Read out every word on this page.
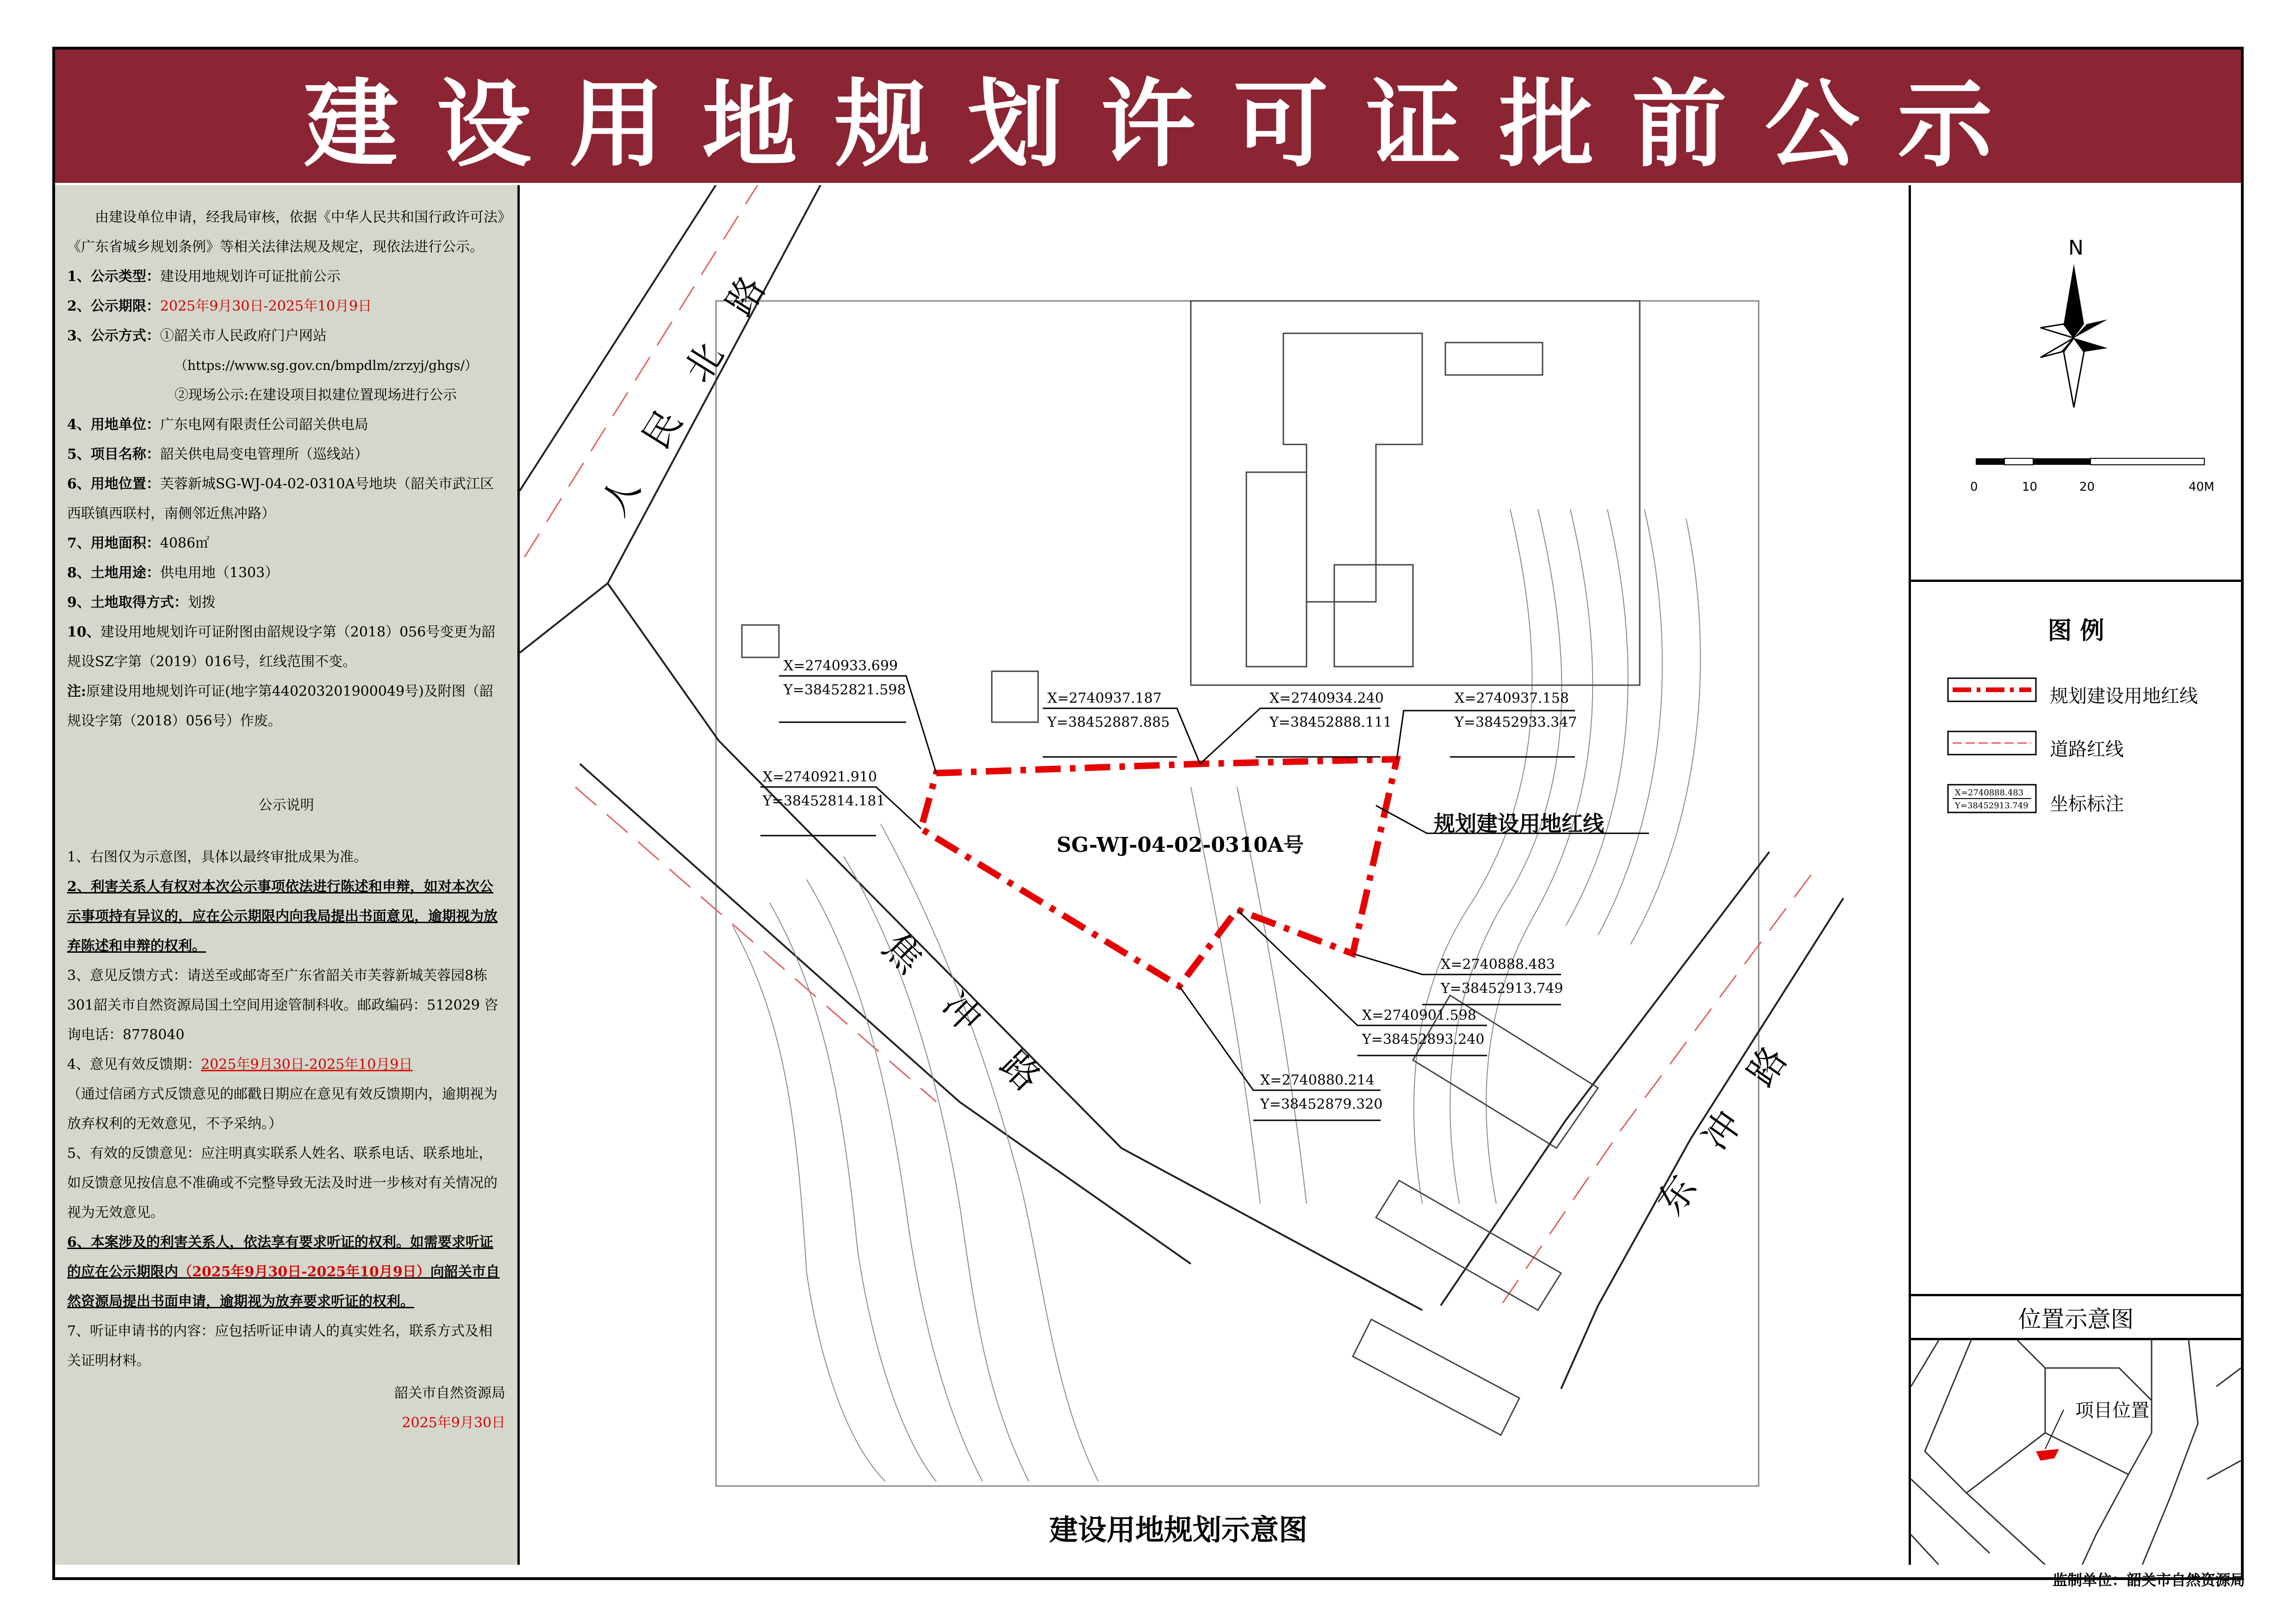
建设用地规划许可证批前公示

由建设单位申请，经我局审核，依据《中华人民共和国行政许可法》《广东省城乡规划条例》等相关法律法规及规定，现依法进行公示。

1、公示类型：建设用地规划许可证批前公示

2、公示期限：2025年9月30日-2025年10月9日

3、公示方式：①韶关市人民政府门户网站

（https://www.sg.gov.cn/bmpdlm/zrzyj/ghgs/）

②现场公示:在建设项目拟建位置现场进行公示

4、用地单位：广东电网有限责任公司韶关供电局

5、项目名称：韶关供电局变电管理所（巡线站）

6、用地位置：芙蓉新城SG-WJ-04-02-0310A号地块（韶关市武江区西联镇西联村，南侧邻近焦冲路）

7、用地面积：4086㎡

8、土地用途：供电用地（1303）

9、土地取得方式：划拨

10、建设用地规划许可证附图由韶规设字第（2018）056号变更为韶规设SZ字第（2019）016号，红线范围不变。

注:原建设用地规划许可证(地字第440203201900049号)及附图（韶规设字第（2018）056号）作废。

公示说明

1、右图仅为示意图，具体以最终审批成果为准。

2、利害关系人有权对本次公示事项依法进行陈述和申辩，如对本次公示事项持有异议的，应在公示期限内向我局提出书面意见，逾期视为放弃陈述和申辩的权利。

3、意见反馈方式：请送至或邮寄至广东省韶关市芙蓉新城芙蓉园8栋301韶关市自然资源局国土空间用途管制科收。邮政编码：512029 咨询电话：8778040

4、意见有效反馈期：2025年9月30日-2025年10月9日

（通过信函方式反馈意见的邮戳日期应在意见有效反馈期内，逾期视为放弃权利的无效意见，不予采纳。）

5、有效的反馈意见：应注明真实联系人姓名、联系电话、联系地址，如反馈意见按信息不准确或不完整导致无法及时进一步核对有关情况的视为无效意见。

6、本案涉及的利害关系人，依法享有要求听证的权利。如需要求听证的应在公示期限内（2025年9月30日-2025年10月9日）向韶关市自然资源局提出书面申请，逾期视为放弃要求听证的权利。

7、听证申请书的内容：应包括听证申请人的真实姓名，联系方式及相关证明材料。

韶关市自然资源局

2025年9月30日

X=2740933.699
Y=38452821.598
X=2740937.187
Y=38452887.885
X=2740934.240
Y=38452888.111
X=2740937.158
Y=38452933.347
X=2740921.910
Y=38452814.181
X=2740888.483
Y=38452913.749
X=2740901.598
Y=38452893.240
X=2740880.214
Y=38452879.320
SG-WJ-04-02-0310A号
规划建设用地红线
人民北路
焦冲路	东冲路
建设用地规划示意图
N
0	10	20	40M
图 例
X=2740888.483
Y=38452913.749
规划建设用地红线
道路红线
坐标标注
位置示意图
项目位置
监制单位：韶关市自然资源局
